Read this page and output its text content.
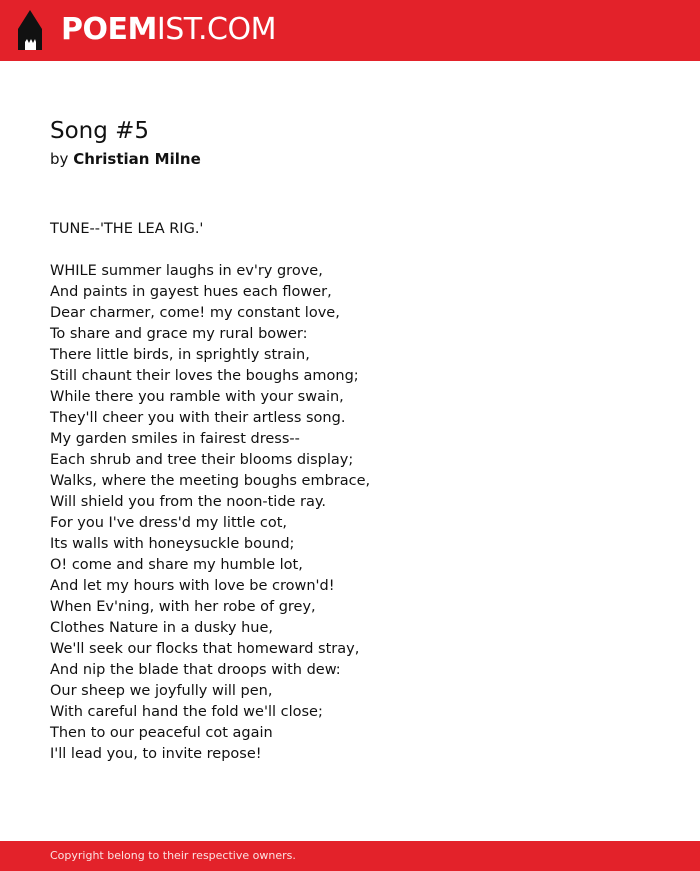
POEMIST.COM
Song #5
by Christian Milne
TUNE--'THE LEA RIG.'
WHILE summer laughs in ev'ry grove,
And paints in gayest hues each flower,
Dear charmer, come! my constant love,
To share and grace my rural bower:
There little birds, in sprightly strain,
Still chaunt their loves the boughs among;
While there you ramble with your swain,
They'll cheer you with their artless song.
My garden smiles in fairest dress--
Each shrub and tree their blooms display;
Walks, where the meeting boughs embrace,
Will shield you from the noon-tide ray.
For you I've dress'd my little cot,
Its walls with honeysuckle bound;
O! come and share my humble lot,
And let my hours with love be crown'd!
When Ev'ning, with her robe of grey,
Clothes Nature in a dusky hue,
We'll seek our flocks that homeward stray,
And nip the blade that droops with dew:
Our sheep we joyfully will pen,
With careful hand the fold we'll close;
Then to our peaceful cot again
I'll lead you, to invite repose!
Copyright belong to their respective owners.
